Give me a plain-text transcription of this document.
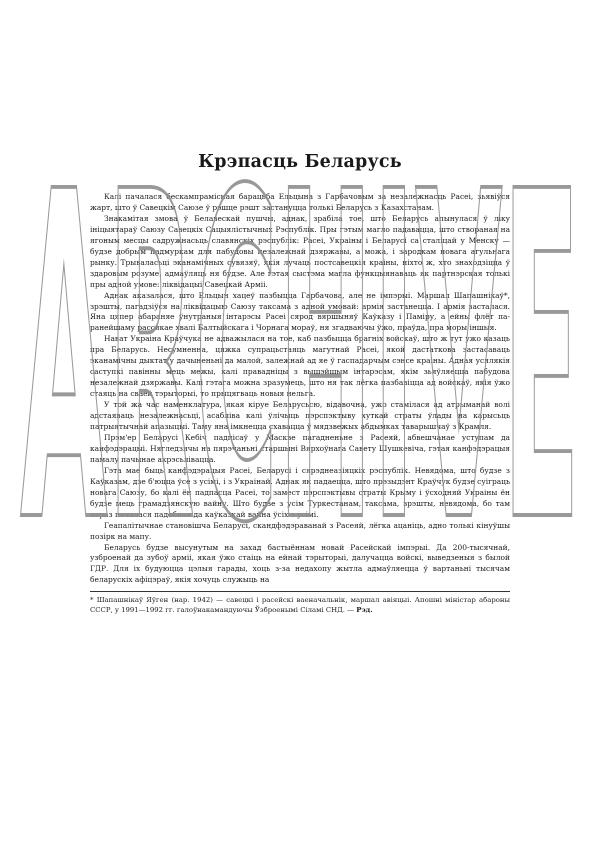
Крэпасць Беларусь

Калі пачалася бескампрамісная барацьба Ельцына з Гарбачовым за незалежнасць Расеі, зьявіўся жарт, што ў Савецкім Саюзе ў рэшце рэшт застануцца толькі Беларусь з Казахстанам.

Знакамітая змова ў Белавескай пушчы, аднак, зрабіла тое, што Беларусь апынулася ў ліку ініцыятараў Саюзу Савецкіх Сацыялістычных Рэспублік. Пры гэтым магло падавацца, што створаная на ягоным месцы садружнасьць славянскіх рэспублік: Расеі, Украіны і Беларусі са сталіцай у Менску — будзе добрым падмуркам для пабудовы незалежнай дзяржавы, а можа, і зародкам новага агульнага рынку. Трываласьці эканамічных сувязяў, якія лучаць постсавецкія краіны, ніхто ж, хто знаходзіцца ў здаровым розуме, адмаўляць ня будзе. Але гэтая сыстэма магла функцыянаваць як партнэрская толькі пры адной умове: ліквідацыі Савецкай Арміі.

Аднак аказалася, што Ельцын хацеў пазбыцца Гарбачова, але не імпэрыі. Маршал Шапашнікаў*, зрэшты, пагадзіўся на ліквідацыю Саюзу таксама з адной умовай: армія застанецца. І армія засталася. Яна цяпер абараняе ўнутраныя інтарэсы Расеі сярод вяршыняў Каўказу і Паміру, а ейны флёт па-ранейшаму рассякае хвалі Балтыйскага і Чорнага мораў, ня згадваючы ўжо, праўда, пра моры іншыя.

Нават Украіна Краўчука не адважылася на тое, каб пазбыцца брагніх войскаў, што ж тут ужо казаць пра Беларусь. Несумненна, цяжка супрацьстаяць магутнай Расеі, якой дастаткова застасаваць эканамічны дыктат у дачыненьні да малой, залежнай ад яе ў гаспадарчым сэнсе краіны. Адная усялякія саступкі павінны мець межы, калі правадніцы з вышэйшым інтарэсам, якім зьяўляецца пабудова незалежнай дзяржавы. Калі гэтага можна зразумець, што ня так лёгка пазбавіцца ад войскаў, якія ўжо стаяць на сваёй тэрыторыі, то прыцягваць новыя нельга.

У той жа час наменклатура, якая кіруе Беларусьсю, відавочна, ужо стамілася ад атрыманай волі адстаяваць незалежнасьці, асабліва калі ўлічыць пэрспэктыву хуткай страты ўлады на карысьць патрыятычнай апазыцыі. Таму яна імкнецца схавацца ў мядзвежых абдымках таварышчаў з Крамля.

Прэм'ер Беларусі Кебіч падпісаў у Маскве пагадненьне з Расеяй, абвешчанае уступам да канфэдэрацыі. Нягледзячы на пярэчаньні старшыні Вярхоўнага Савету Шушкевіча, гэтая канфэдэрацыя памалу пачынае акрэсьлівацца.

Гэта мае быць канфэдэрацыя Расеі, Беларусі і сярэднеазіяцкіх рэспублік. Невядома, што будзе з Каўказам, дзе б'юцца ўсе з усімі, і з Украінай. Аднак як падаецца, што прэзыдэнт Краўчук будзе суіграць новага Саюзу, бо калі ён падпасца Расеі, то замест пэрспэктывы страты Крыму і ўсходняй Украіны ён будзе мець грамадзянскую вайну. Што будзе з усім Туркестанам, таксама, зрэшты, невядома, бо там якраз пачалася падобная да каўказкай вайна ўсіх з усімі.

Геапалітычнае становішча Беларусі, скандфэдэраванай з Расеяй, лёгка ацаніць, адно толькі кінуўшы позірк на мапу.

Беларусь будзе высунутым на захад бастыённам новай Расейскай імпэрыі. Да 200-тысячнай, узброенай да зубоў арміі, якая ўжо стаіць на ейнай тэрыторыі, далучацца войскі, выведзеныя з былой ГДР. Для іх будуюцца цэлыя гарады, хоць з-за недахопу жытла адмаўляецца ў вартаньні тысячам беларускіх афіцэраў, якія хочуць служыць на

* Шапашнікаў Яўген (нар. 1942) — савецкі і расейскі ваеначальнік, маршал авіяцыі. Апошні міністар абароны СССР, у 1991—1992 гг. галоўнакамандуючы Ўзброенымі Сіламі СНД. — Рэд.

ARCHIVE
